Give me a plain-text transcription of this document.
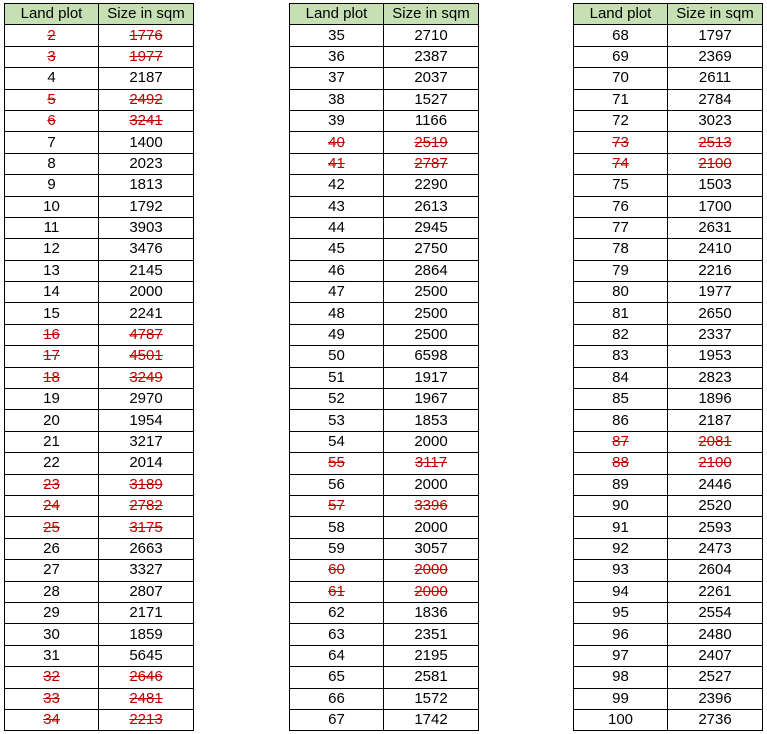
Land plot	Size in sqm
2	1776
3	1977
4	2187
5	2492
6	3241
7	1400
8	2023
9	1813
10	1792
11	3903
12	3476
13	2145
14	2000
15	2241
16	4787
17	4501
18	3249
19	2970
20	1954
21	3217
22	2014
23	3189
24	2782
25	3175
26	2663
27	3327
28	2807
29	2171
30	1859
31	5645
32	2646
33	2481
34	2213
Land plot	Size in sqm
35	2710
36	2387
37	2037
38	1527
39	1166
40	2519
41	2787
42	2290
43	2613
44	2945
45	2750
46	2864
47	2500
48	2500
49	2500
50	6598
51	1917
52	1967
53	1853
54	2000
55	3117
56	2000
57	3396
58	2000
59	3057
60	2000
61	2000
62	1836
63	2351
64	2195
65	2581
66	1572
67	1742
Land plot	Size in sqm
68	1797
69	2369
70	2611
71	2784
72	3023
73	2513
74	2100
75	1503
76	1700
77	2631
78	2410
79	2216
80	1977
81	2650
82	2337
83	1953
84	2823
85	1896
86	2187
87	2081
88	2100
89	2446
90	2520
91	2593
92	2473
93	2604
94	2261
95	2554
96	2480
97	2407
98	2527
99	2396
100	2736
